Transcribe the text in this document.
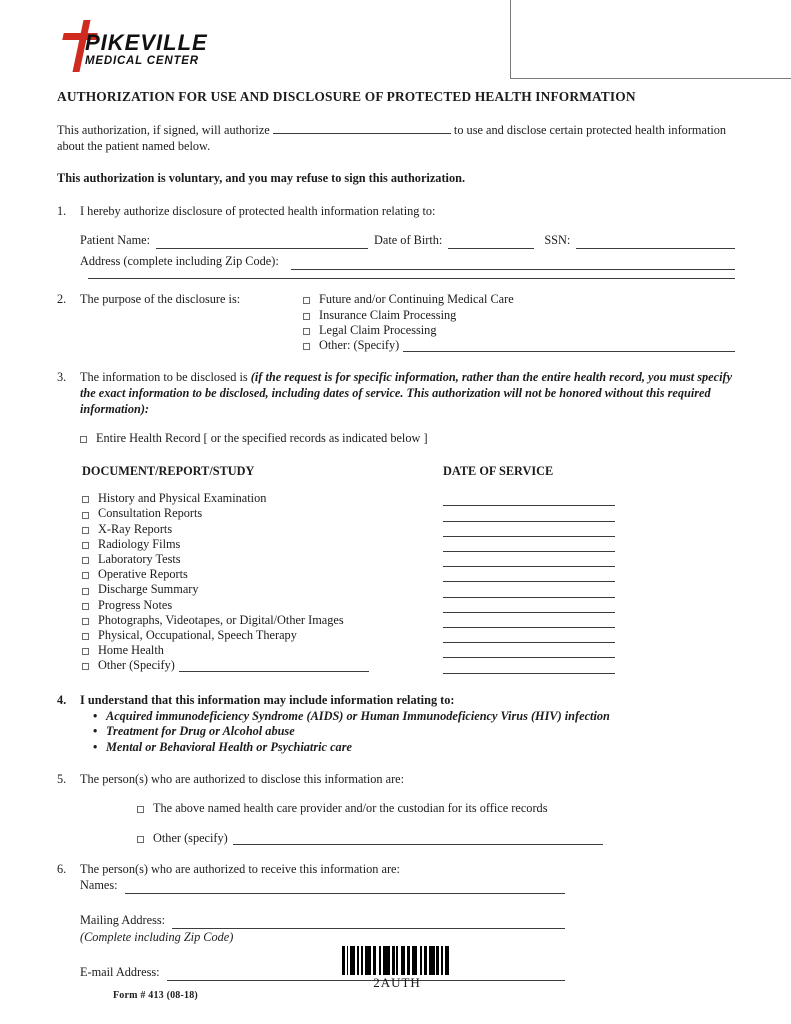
PIKEVILLE
MEDICAL CENTER
AUTHORIZATION FOR USE AND DISCLOSURE OF PROTECTED HEALTH INFORMATION

This authorization, if signed, will authorize	to use and disclose certain protected health information about the patient named below.

This authorization is voluntary, and you may refuse to sign this authorization.
1.	I hereby authorize disclosure of protected health information relating to:
Patient Name:	Date of Birth:	SSN:
Address (complete including Zip Code):
2.	The purpose of the disclosure is:	Future and/or Continuing Medical Care
Insurance Claim Processing
Legal Claim Processing
Other: (Specify)
3.	The information to be disclosed is (if the request is for specific information, rather than the entire health record, you must specify the exact information to be disclosed, including dates of service. This authorization will not be honored without this required information):
Entire Health Record [ or the specified records as indicated below ]
DOCUMENT/REPORT/STUDY	DATE OF SERVICE
History and Physical Examination
Consultation Reports
X-Ray Reports
Radiology Films
Laboratory Tests
Operative Reports
Discharge Summary
Progress Notes
Photographs, Videotapes, or Digital/Other Images
Physical, Occupational, Speech Therapy
Home Health
Other (Specify)
4.	I understand that this information may include information relating to:
• Acquired immunodeficiency Syndrome (AIDS) or Human Immunodeficiency Virus (HIV) infection
• Treatment for Drug or Alcohol abuse
• Mental or Behavioral Health or Psychiatric care
5.	The person(s) who are authorized to disclose this information are:
The above named health care provider and/or the custodian for its office records
Other (specify)
6.	The person(s) who are authorized to receive this information are:
Names:
Mailing Address:
(Complete including Zip Code)
E-mail Address:
2AUTH
Form # 413 (08-18)
